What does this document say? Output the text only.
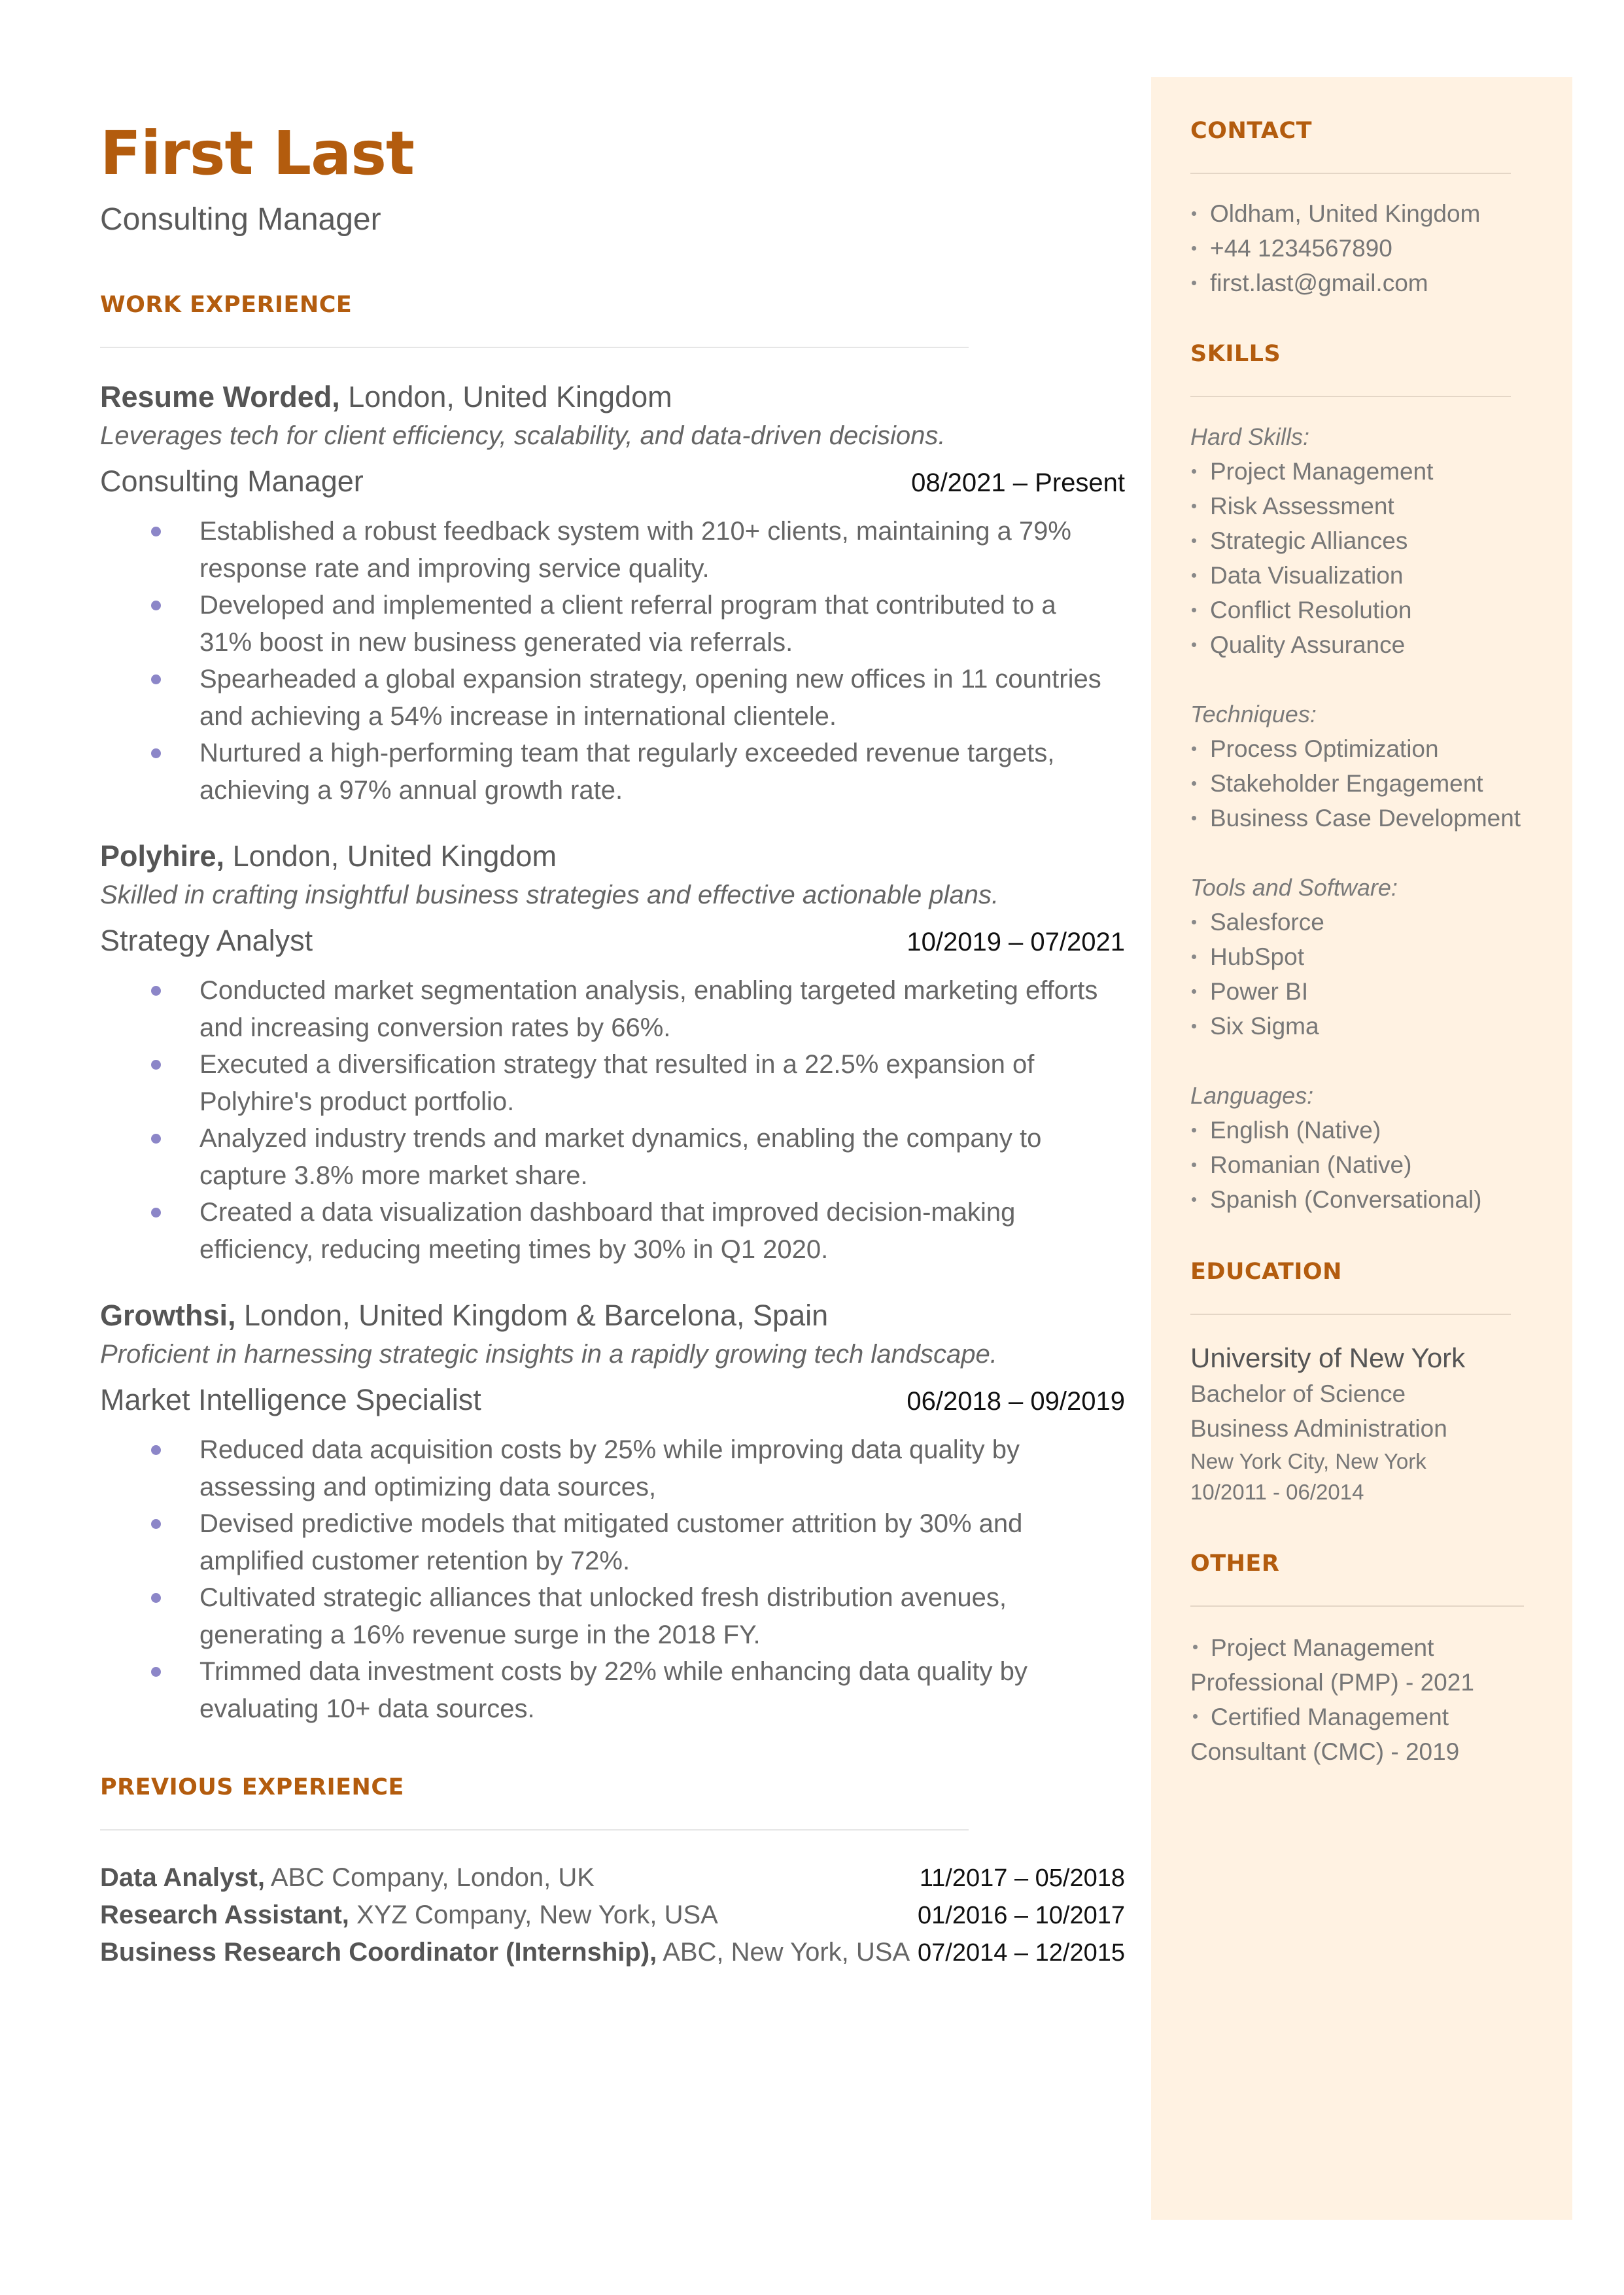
First Last
Consulting Manager
WORK EXPERIENCE
Resume Worded, London, United Kingdom
Leverages tech for client efficiency, scalability, and data-driven decisions.
Consulting Manager	08/2021 – Present
Established a robust feedback system with 210+ clients, maintaining a 79% response rate and improving service quality.
Developed and implemented a client referral program that contributed to a 31% boost in new business generated via referrals.
Spearheaded a global expansion strategy, opening new offices in 11 countries and achieving a 54% increase in international clientele.
Nurtured a high-performing team that regularly exceeded revenue targets, achieving a 97% annual growth rate.
Polyhire, London, United Kingdom
Skilled in crafting insightful business strategies and effective actionable plans.
Strategy Analyst	10/2019 – 07/2021
Conducted market segmentation analysis, enabling targeted marketing efforts and increasing conversion rates by 66%.
Executed a diversification strategy that resulted in a 22.5% expansion of Polyhire's product portfolio.
Analyzed industry trends and market dynamics, enabling the company to capture 3.8% more market share.
Created a data visualization dashboard that improved decision-making efficiency, reducing meeting times by 30% in Q1 2020.
Growthsi, London, United Kingdom & Barcelona, Spain
Proficient in harnessing strategic insights in a rapidly growing tech landscape.
Market Intelligence Specialist	06/2018 – 09/2019
Reduced data acquisition costs by 25% while improving data quality by assessing and optimizing data sources,
Devised predictive models that mitigated customer attrition by 30% and amplified customer retention by 72%.
Cultivated strategic alliances that unlocked fresh distribution avenues, generating a 16% revenue surge in the 2018 FY.
Trimmed data investment costs by 22% while enhancing data quality by evaluating 10+ data sources.
PREVIOUS EXPERIENCE
Data Analyst, ABC Company, London, UK	11/2017 – 05/2018
Research Assistant, XYZ Company, New York, USA	01/2016 – 10/2017
Business Research Coordinator (Internship), ABC, New York, USA 07/2014 – 12/2015
CONTACT
Oldham, United Kingdom
+44 1234567890
first.last@gmail.com
SKILLS
Hard Skills:
Project Management
Risk Assessment
Strategic Alliances
Data Visualization
Conflict Resolution
Quality Assurance
Techniques:
Process Optimization
Stakeholder Engagement
Business Case Development
Tools and Software:
Salesforce
HubSpot
Power BI
Six Sigma
Languages:
English (Native)
Romanian (Native)
Spanish (Conversational)
EDUCATION
University of New York
Bachelor of Science
Business Administration
New York City, New York
10/2011 - 06/2014
OTHER
Project Management
Professional (PMP) - 2021
Certified Management
Consultant (CMC) - 2019
